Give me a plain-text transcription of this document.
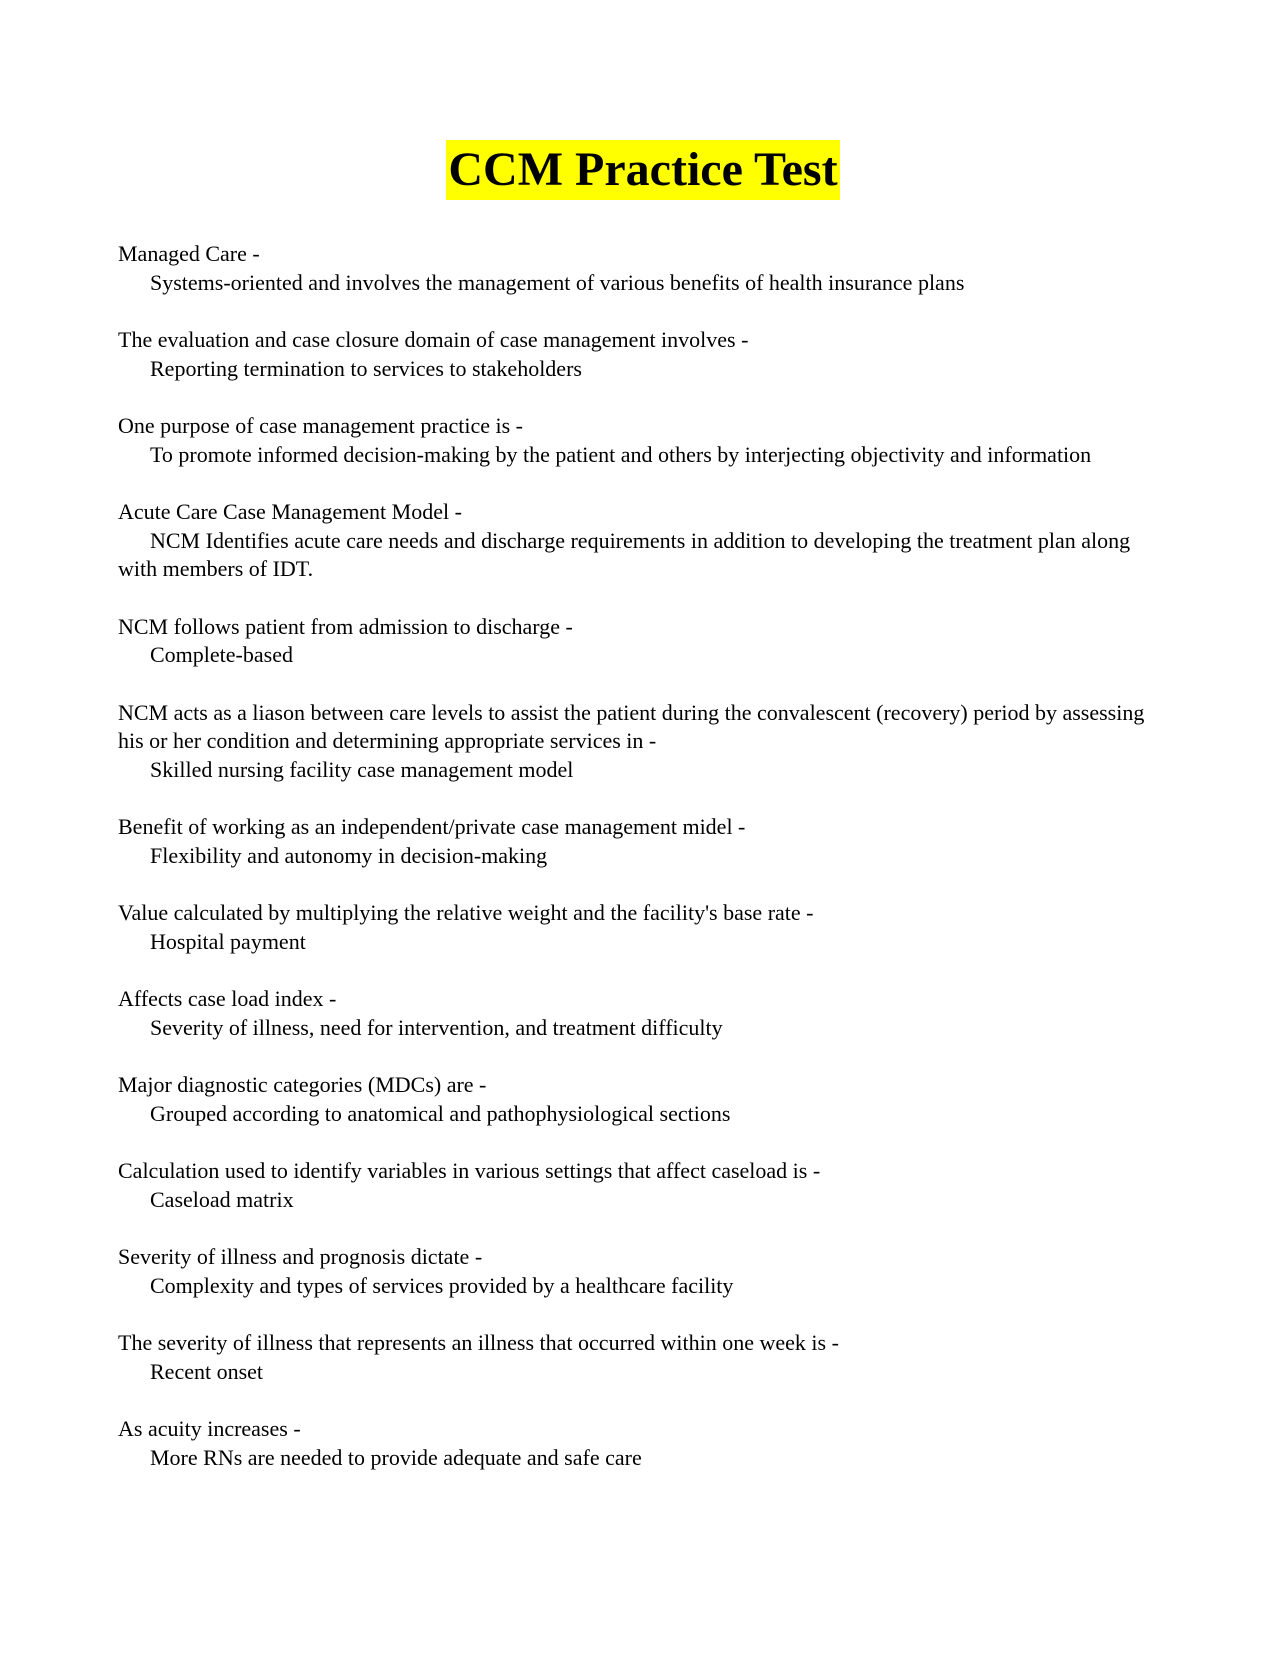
CCM Practice Test
Managed Care -
Systems-oriented and involves the management of various benefits of health insurance plans
The evaluation and case closure domain of case management involves -
Reporting termination to services to stakeholders
One purpose of case management practice is -
To promote informed decision-making by the patient and others by interjecting objectivity and information
Acute Care Case Management Model -
NCM Identifies acute care needs and discharge requirements in addition to developing the treatment plan along with members of IDT.
NCM follows patient from admission to discharge -
Complete-based
NCM acts as a liason between care levels to assist the patient during the convalescent (recovery) period by assessing his or her condition and determining appropriate services in -
Skilled nursing facility case management model
Benefit of working as an independent/private case management midel -
Flexibility and autonomy in decision-making
Value calculated by multiplying the relative weight and the facility's base rate -
Hospital payment
Affects case load index -
Severity of illness, need for intervention, and treatment difficulty
Major diagnostic categories (MDCs) are -
Grouped according to anatomical and pathophysiological sections
Calculation used to identify variables in various settings that affect caseload is -
Caseload matrix
Severity of illness and prognosis dictate -
Complexity and types of services provided by a healthcare facility
The severity of illness that represents an illness that occurred within one week is -
Recent onset
As acuity increases -
More RNs are needed to provide adequate and safe care
